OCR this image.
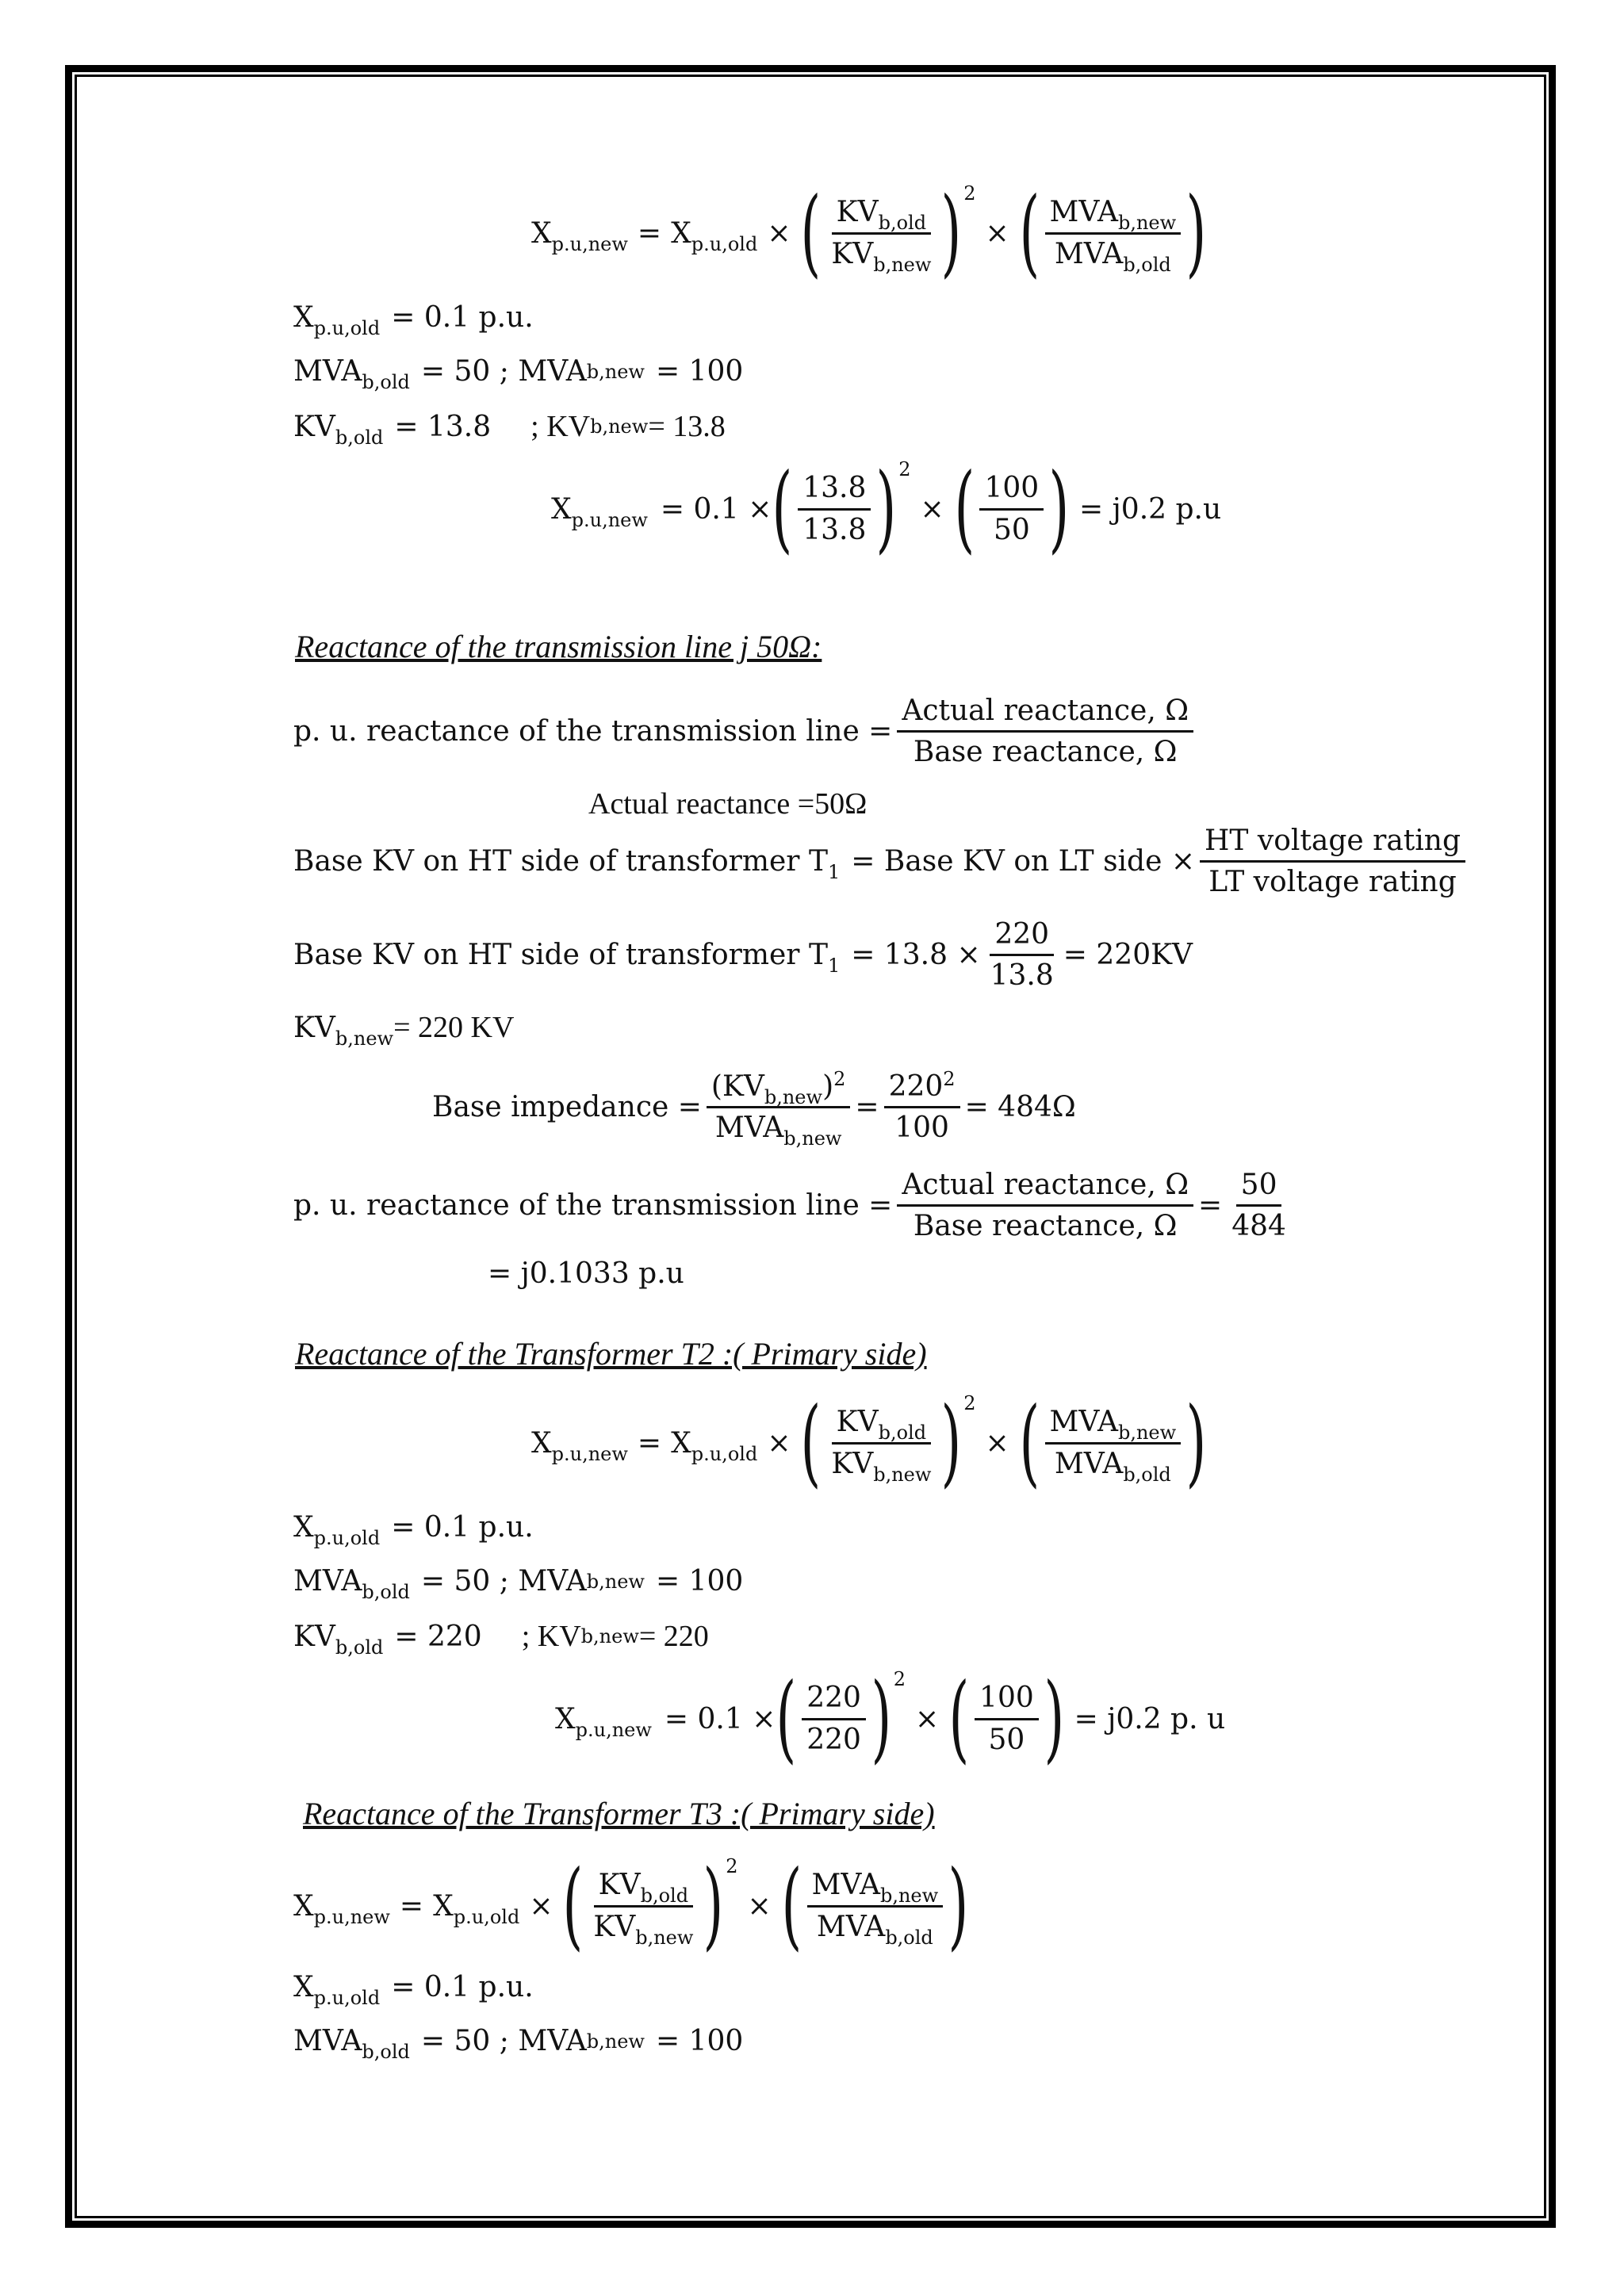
$X_{p.u,new} = X_{p.u,old}$ × ( $\frac{KV_{b,old}}{KV_{b,new}}$ ) 2
× ( $\frac{MVA_{b,new}}{MVA_{b,old}}$ )
$X_{p.u,old} = 0.1$ p.u.
$MVA_{b,old} = 50$ ; MVA b,new = 100
$KV_{b,old} = 13.8$ ; KV b,new = 13.8
$X_{p.u,new} = 0.1$ × ( $\frac{13.8}{13.8}$ ) 2
× ( $\frac{100}{50}$ ) = j0.2 p.u
Reactance of the transmission line j 50Ω:
p. u. reactance of the transmission line = $\frac{\text{Actual reactance, Ω}}{\text{Base reactance, Ω}}$
Actual reactance =50Ω
Base KV on HT side of transformer $T_1$ = Base KV on LT side × $\frac{\text{HT voltage rating}}{\text{LT voltage rating}}$
Base KV on HT side of transformer $T_1 = 13.8 \times \frac{220}{13.8} = 220KV$
$KV_{b,new} = 220$ KV
Base impedance = $\frac{(KV_{b,new})^2}{MVA_{b,new}} = \frac{220^2}{100} = 484\Omega$
p. u. reactance of the transmission line = $\frac{\text{Actual reactance, Ω}}{\text{Base reactance, Ω}} = \frac{50}{484}$
= j0.1033 p.u
Reactance of the Transformer T2 :( Primary side)
$X_{p.u,new} = X_{p.u,old}$ × ( $\frac{KV_{b,old}}{KV_{b,new}}$ ) 2
× ( $\frac{MVA_{b,new}}{MVA_{b,old}}$ )
$X_{p.u,old} = 0.1$ p.u.
$MVA_{b,old} = 50$ ; MVA b,new = 100
$KV_{b,old} = 220$ ; KV b,new = 220
$X_{p.u,new} = 0.1$ × ( $\frac{220}{220}$ ) 2
× ( $\frac{100}{50}$ ) = j0.2 p. u
Reactance of the Transformer T3 :( Primary side)
$X_{p.u,new} = X_{p.u,old}$ × ( $\frac{KV_{b,old}}{KV_{b,new}}$ ) 2
× ( $\frac{MVA_{b,new}}{MVA_{b,old}}$ )
$X_{p.u,old} = 0.1$ p.u.
$MVA_{b,old} = 50$ ; MVA b,new = 100
